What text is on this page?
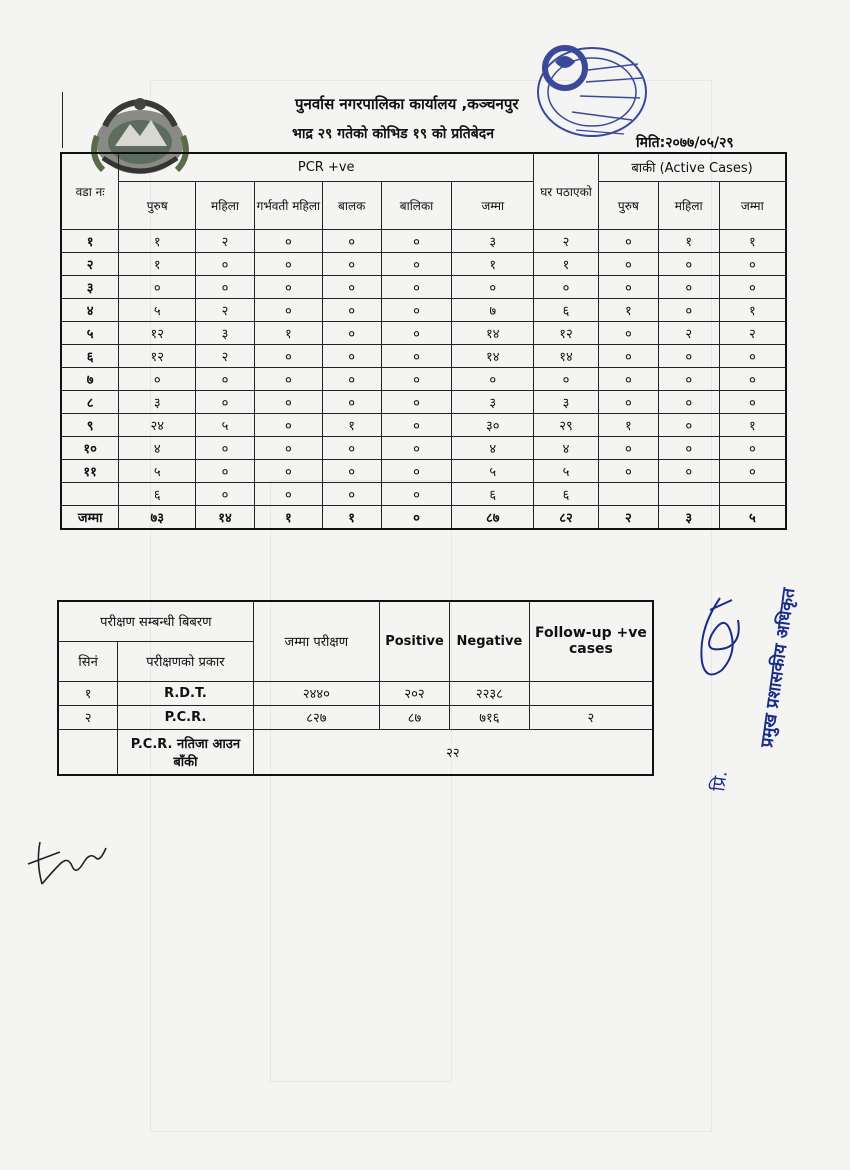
पुनर्वास नगरपालिका कार्यालय ,कञ्चनपुर
भाद्र २९ गतेको कोभिड १९ को प्रतिबेदन
मिति:२०७७/०५/२९
वडा नः	PCR +ve						घर पठाएको	बाकी (Active Cases)		
	पुरुष	महिला	गर्भवती महिला	बालक	बालिका	जम्मा		पुरुष	महिला	जम्मा
१	१	२	०	०	०	३	२	०	१	१
२	१	०	०	०	०	१	१	०	०	०
३	०	०	०	०	०	०	०	०	०	०
४	५	२	०	०	०	७	६	१	०	१
५	१२	३	१	०	०	१४	१२	०	२	२
६	१२	२	०	०	०	१४	१४	०	०	०
७	०	०	०	०	०	०	०	०	०	०
८	३	०	०	०	०	३	३	०	०	०
९	२४	५	०	१	०	३०	२९	१	०	१
१०	४	०	०	०	०	४	४	०	०	०
११	५	०	०	०	०	५	५	०	०	०
	६	०	०	०	०	६	६			
जम्मा	७३	१४	१	१	०	८७	८२	२	३	५
परीक्षण सम्बन्धी बिबरण		जम्मा परीक्षण	Positive	Negative	Follow-up +ve cases
सिनं	परीक्षणको प्रकार				
१	R.D.T.	२४४०	२०२	२२३८	
२	P.C.R.	८२७	८७	७१६	२
	P.C.R. नतिजा आउन बाँकी	२२			
प्रमुख प्रशासकीय अधिकृत
प्रि.
